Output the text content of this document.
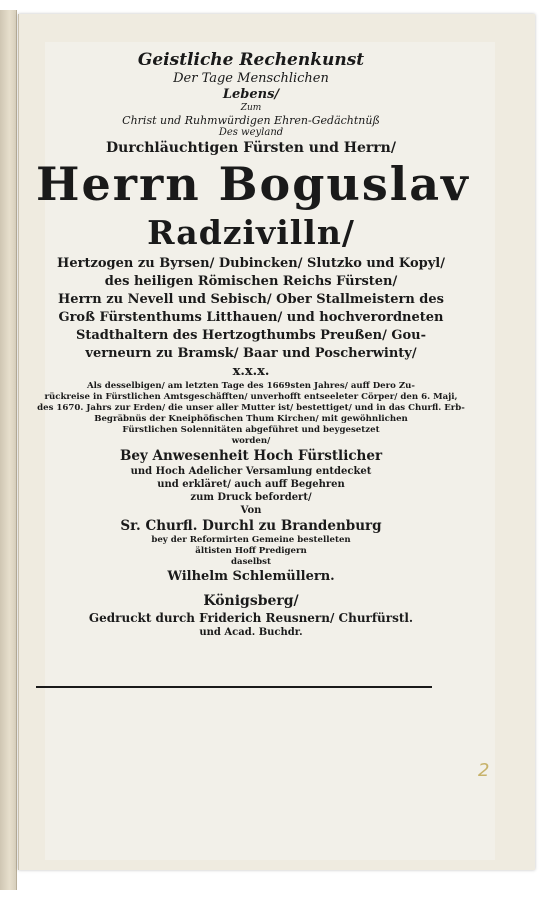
Geistliche Rechenkunst
Der Tage Menschlichen
Lebens/
Zum
Christ und Ruhmwürdigen Ehren-Gedächtnüß
Des weyland
Durchläuchtigen Fürsten und Herrn/
Herrn Boguslav
Radzivilln/
Hertzogen zu Byrsen/ Dubincken/ Slutzko und Kopyl/
des heiligen Römischen Reichs Fürsten/
Herrn zu Nevell und Sebisch/ Ober Stallmeistern des
Groß Fürstenthums Litthauen/ und hochverordneten
Stadthaltern des Hertzogthumbs Preußen/ Gou-
verneurn zu Bramsk/ Baar und Poscherwinty/
x.x.x.
Als desselbigen/ am letzten Tage des 1669sten Jahres/ auff Dero Zu-
rückreise in Fürstlichen Amtsgeschäfften/ unverhofft entseeleter Cörper/ den 6. Maji,
des 1670. Jahrs zur Erden/ die unser aller Mutter ist/ bestettiget/ und in das Churfl. Erb-
Begräbnüs der Kneiphöfischen Thum Kirchen/ mit gewöhnlichen
Fürstlichen Solennitäten abgeführet und beygesetzet
worden/
Bey Anwesenheit Hoch Fürstlicher
und Hoch Adelicher Versamlung entdecket
und erkläret/ auch auff Begehren
zum Druck befordert/
Von
Sr. Churfl. Durchl zu Brandenburg
bey der Reformirten Gemeine bestelleten
ältisten Hoff Predigern
daselbst
Wilhelm Schlemüllern.
Königsberg/
Gedruckt durch Friderich Reusnern/ Churfürstl.
und Acad. Buchdr.
2
